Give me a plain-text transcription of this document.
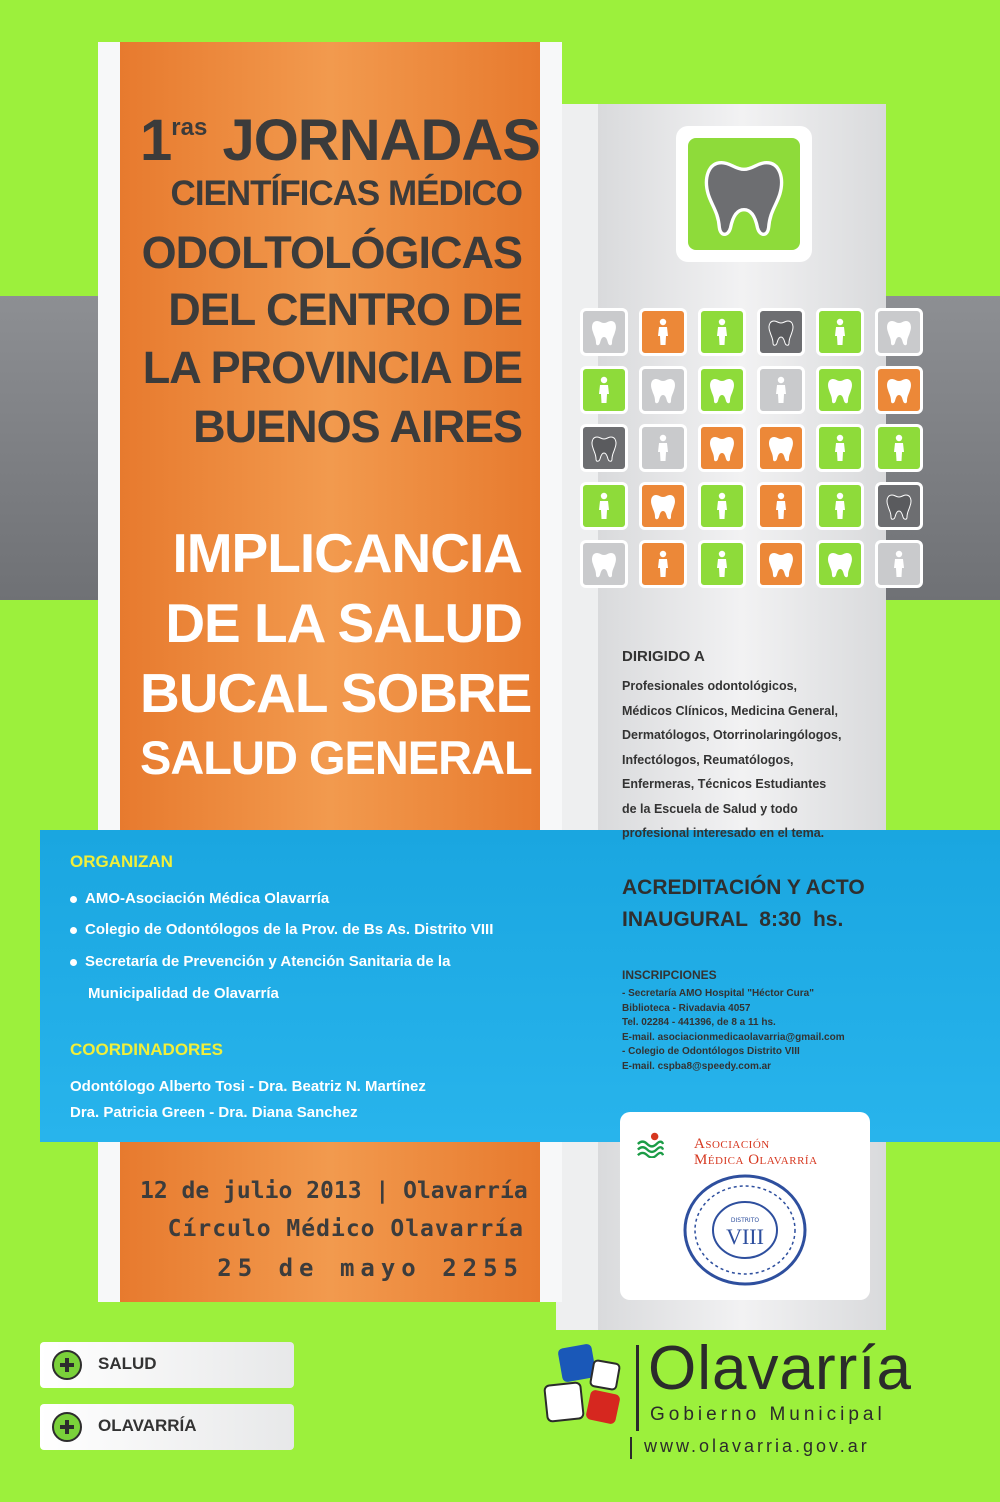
$1^{ras}$ JORNADAS
CIENTÍFICAS MÉDICO
ODOLTOLÓGICAS
DEL CENTRO DE
LA PROVINCIA DE
BUENOS AIRES
IMPLICANCIA
DE LA SALUD
BUCAL SOBRE
SALUD GENERAL
DIRIGIDO A
Profesionales odontológicos,
Médicos Clínicos, Medicina General,
Dermatólogos, Otorrinolaringólogos,
Infectólogos, Reumatólogos,
Enfermeras, Técnicos Estudiantes
de la Escuela de Salud y todo
profesional interesado en el tema.
ACREDITACIÓN Y ACTO
INAUGURAL  8:30  hs.
INSCRIPCIONES
- Secretaría AMO Hospital "Héctor Cura"
Biblioteca - Rivadavia 4057
Tel. 02284 - 441396, de 8 a 11 hs.
E-mail. asociacionmedicaolavarria@gmail.com
- Colegio de Odontólogos Distrito VIII
E-mail. cspba8@speedy.com.ar
Asociación
Médica Olavarría
DISTRITO
VIII
ORGANIZAN
AMO-Asociación Médica Olavarría
Colegio de Odontólogos de la Prov. de Bs As. Distrito VIII
Secretaría de Prevención y Atención Sanitaria de la
Municipalidad de Olavarría
COORDINADORES
Odontólogo Alberto Tosi - Dra. Beatriz N. Martínez
Dra. Patricia Green - Dra. Diana Sanchez
12 de julio 2013 | Olavarría
Círculo Médico Olavarría
25 de mayo 2255
SALUD
OLAVARRÍA
Olavarría
Gobierno Municipal
www.olavarria.gov.ar
